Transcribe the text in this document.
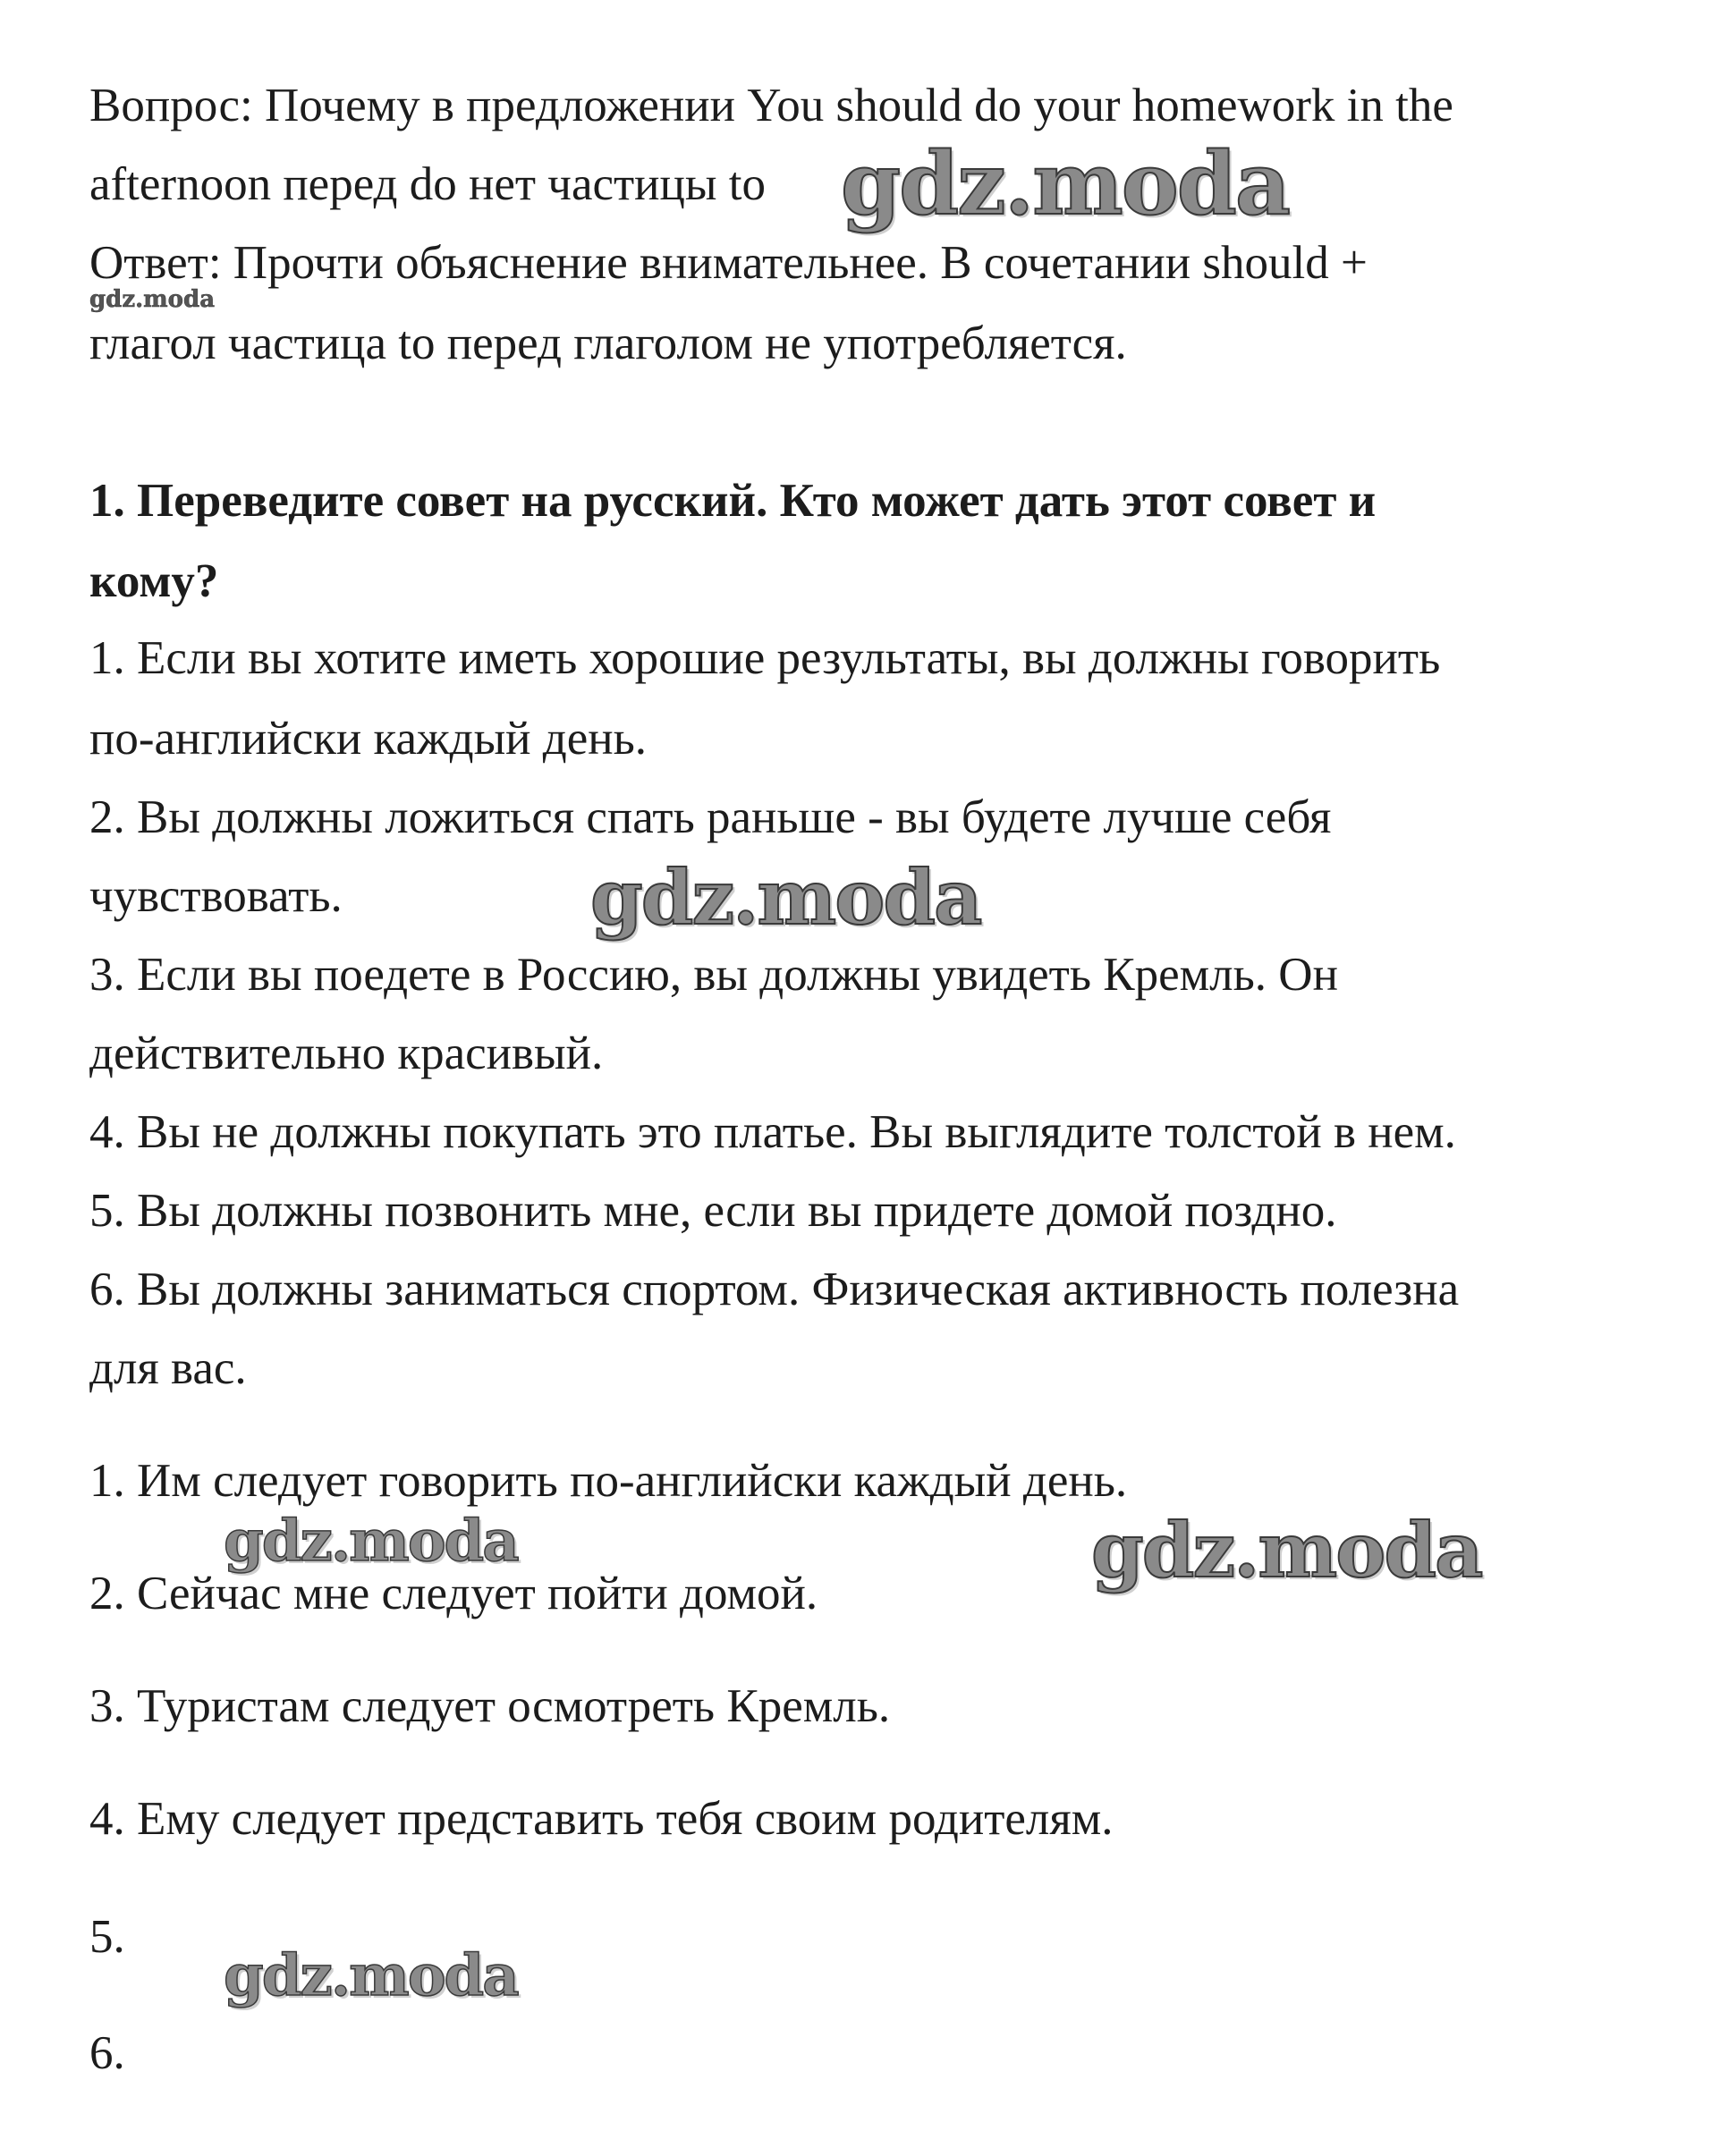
Вопрос: Почему в предложении You should do your homework in the

afternoon перед do нет частицы to

Ответ: Прочти объяснение внимательнее. В сочетании should +

глагол частица to перед глаголом не употребляется.

1. Переведите совет на русский. Кто может дать этот совет и

кому?

1. Если вы хотите иметь хорошие результаты, вы должны говорить

по-английски каждый день.

2. Вы должны ложиться спать раньше - вы будете лучше себя

чувствовать.

3. Если вы поедете в Россию, вы должны увидеть Кремль. Он

действительно красивый.

4. Вы не должны покупать это платье. Вы выглядите толстой в нем.

5. Вы должны позвонить мне, если вы придете домой поздно.

6. Вы должны заниматься спортом. Физическая активность полезна

для вас.

1. Им следует говорить по-английски каждый день.

2. Сейчас мне следует пойти домой.

3. Туристам следует осмотреть Кремль.

4. Ему следует представить тебя своим родителям.

5.

6.

gdz.moda
gdz.moda
gdz.moda
gdz.moda	gdz.moda
gdz.moda
